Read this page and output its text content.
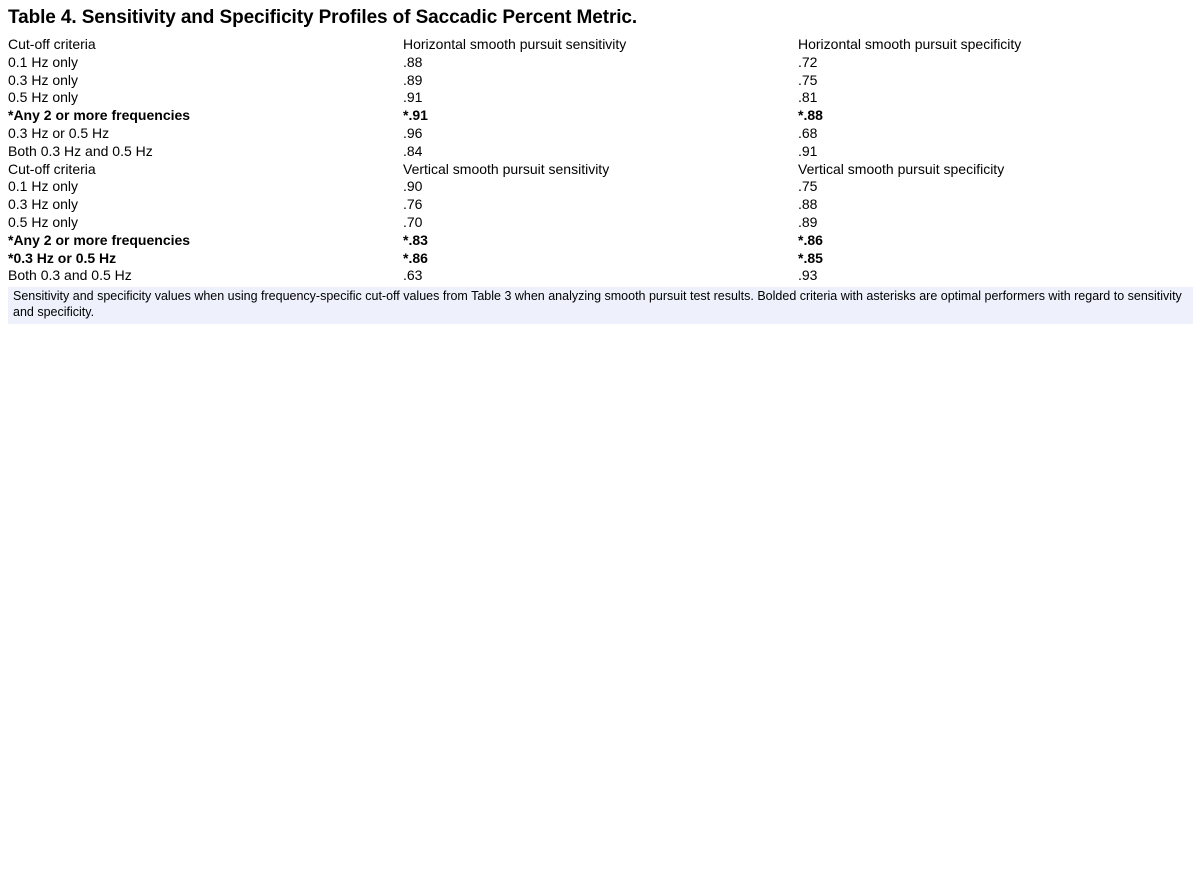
Table 4. Sensitivity and Specificity Profiles of Saccadic Percent Metric.
Cut-off criteria	Horizontal smooth pursuit sensitivity	Horizontal smooth pursuit specificity
0.1 Hz only	.88	.72
0.3 Hz only	.89	.75
0.5 Hz only	.91	.81
*Any 2 or more frequencies	*.91	*.88
0.3 Hz or 0.5 Hz	.96	.68
Both 0.3 Hz and 0.5 Hz	.84	.91
Cut-off criteria	Vertical smooth pursuit sensitivity	Vertical smooth pursuit specificity
0.1 Hz only	.90	.75
0.3 Hz only	.76	.88
0.5 Hz only	.70	.89
*Any 2 or more frequencies	*.83	*.86
*0.3 Hz or 0.5 Hz	*.86	*.85
Both 0.3 and 0.5 Hz	.63	.93
Sensitivity and specificity values when using frequency-specific cut-off values from Table 3 when analyzing smooth pursuit test results. Bolded criteria with asterisks are optimal performers with regard to sensitivity and specificity.
